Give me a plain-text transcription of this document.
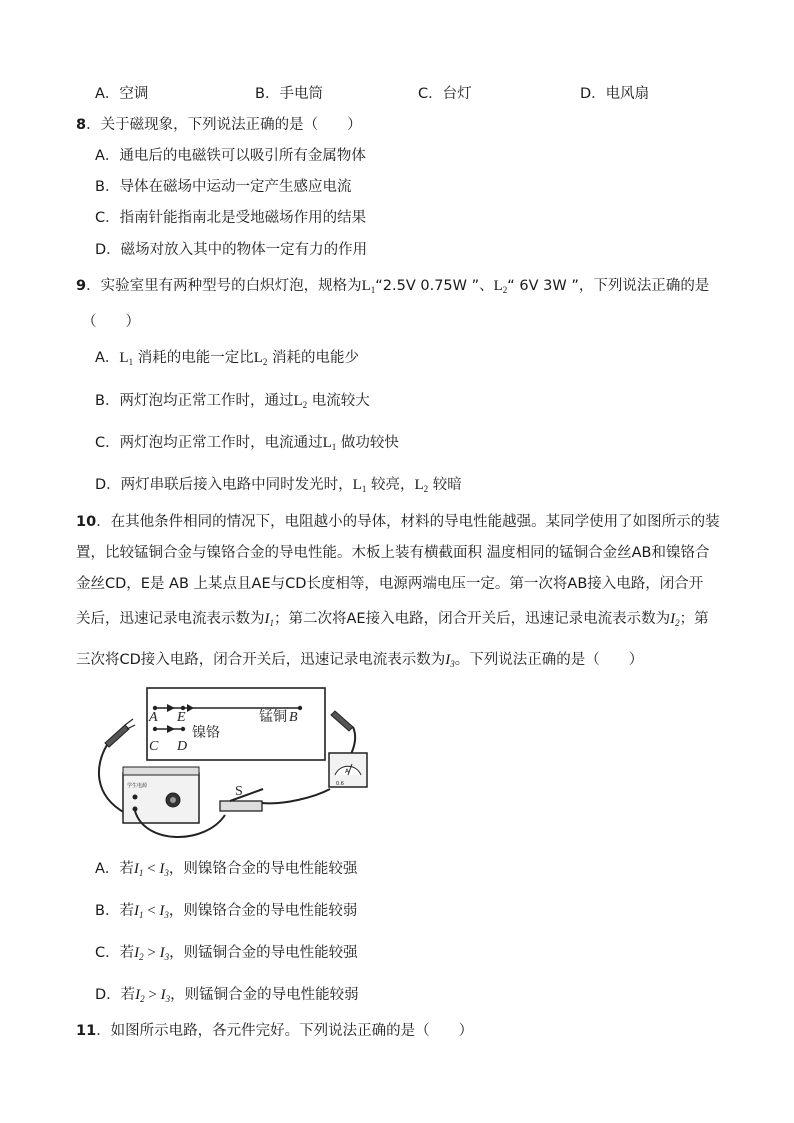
A．空调	B．手电筒	C．台灯	D．电风扇
8．关于磁现象，下列说法正确的是（　　）
A．通电后的电磁铁可以吸引所有金属物体
B．导体在磁场中运动一定产生感应电流
C．指南针能指南北是受地磁场作用的结果
D．磁场对放入其中的物体一定有力的作用
9．实验室里有两种型号的白炽灯泡，规格为$L_1“2.5V$ 0.75W ”、$L_2“$ 6V 3W ”，下列说法正确的是
（　　）
A．$L_1$ 消耗的电能一定比$L_2$ 消耗的电能少
B．两灯泡均正常工作时，通过$L_2$ 电流较大
C．两灯泡均正常工作时，电流通过$L_1$ 做功较快
D．两灯串联后接入电路中同时发光时，$L_1$ 较亮，$L_2$ 较暗
10．在其他条件相同的情况下，电阻越小的导体，材料的导电性能越强。某同学使用了如图所示的装
置，比较锰铜合金与镍铬合金的导电性能。木板上装有横截面积 温度相同的锰铜合金丝AB和镍铬合
金丝CD，E是 AB 上某点且AE与CD长度相等，电源两端电压一定。第一次将AB接入电路，闭合开
关后，迅速记录电流表示数为$I_1$；第二次将AE接入电路，闭合开关后，迅速记录电流表示数为$I_2$；第
三次将CD接入电路，闭合开关后，迅速记录电流表示数为$I_3$。下列说法正确的是（　　）
A E	锰铜 B
镍铬
C D
学生电源	S
A
0.6
A．若$I_1 < I_3$，则镍铬合金的导电性能较强
B．若$I_1 < I_3$，则镍铬合金的导电性能较弱
C．若$I_2 > I_3$，则锰铜合金的导电性能较强
D．若$I_2 > I_3$，则锰铜合金的导电性能较弱
11．如图所示电路，各元件完好。下列说法正确的是（　　）
